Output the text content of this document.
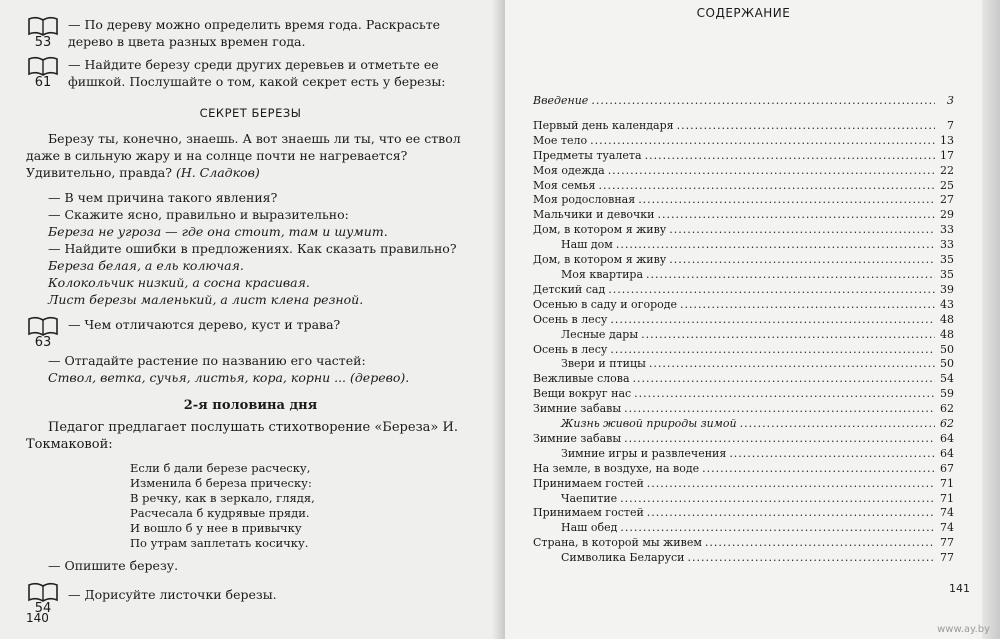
53
— По дереву можно определить время года. Раскрасьте дерево в цвета разных времен года.
61
— Найдите березу среди других деревьев и отметьте ее фишкой. Послушайте о том, какой секрет есть у березы:
СЕКРЕТ БЕРЕЗЫ
Березу ты, конечно, знаешь. А вот знаешь ли ты, что ее ствол даже в сильную жару и на солнце почти не нагревается? Удивительно, правда? (Н. Сладков)
— В чем причина такого явления?
— Скажите ясно, правильно и выразительно:
Береза не угроза — где она стоит, там и шумит.
— Найдите ошибки в предложениях. Как сказать правильно?
Береза белая, а ель колючая.
Колокольчик низкий, а сосна красивая.
Лист березы маленький, а лист клена резной.
63
— Чем отличаются дерево, куст и трава?
— Отгадайте растение по названию его частей:
Ствол, ветка, сучья, листья, кора, корни ... (дерево).
2-я половина дня
Педагог предлагает послушать стихотворение «Береза» И. Токмаковой:
Если б дали березе расческу,
Изменила б береза прическу:
В речку, как в зеркало, глядя,
Расчесала б кудрявые пряди.
И вошло б у нее в привычку
По утрам заплетать косичку.
— Опишите березу.
54
— Дорисуйте листочки березы.
140
СОДЕРЖАНИЕ
Введение .....	3
Первый день календаря .....	7
Мое тело .....	13
Предметы туалета .....	17
Моя одежда .....	22
Моя семья .....	25
Моя родословная .....	27
Мальчики и девочки .....	29
Дом, в котором я живу .....	33
Наш дом .....	33
Дом, в котором я живу .....	35
Моя квартира .....	35
Детский сад .....	39
Осенью в саду и огороде .....	43
Осень в лесу .....	48
Лесные дары .....	48
Осень в лесу .....	50
Звери и птицы .....	50
Вежливые слова .....	54
Вещи вокруг нас .....	59
Зимние забавы .....	62
Жизнь живой природы зимой .....	62
Зимние забавы .....	64
Зимние игры и развлечения .....	64
На земле, в воздухе, на воде .....	67
Принимаем гостей .....	71
Чаепитие .....	71
Принимаем гостей .....	74
Наш обед .....	74
Страна, в которой мы живем .....	77
Символика Беларуси .....	77
141
www.ay.by
